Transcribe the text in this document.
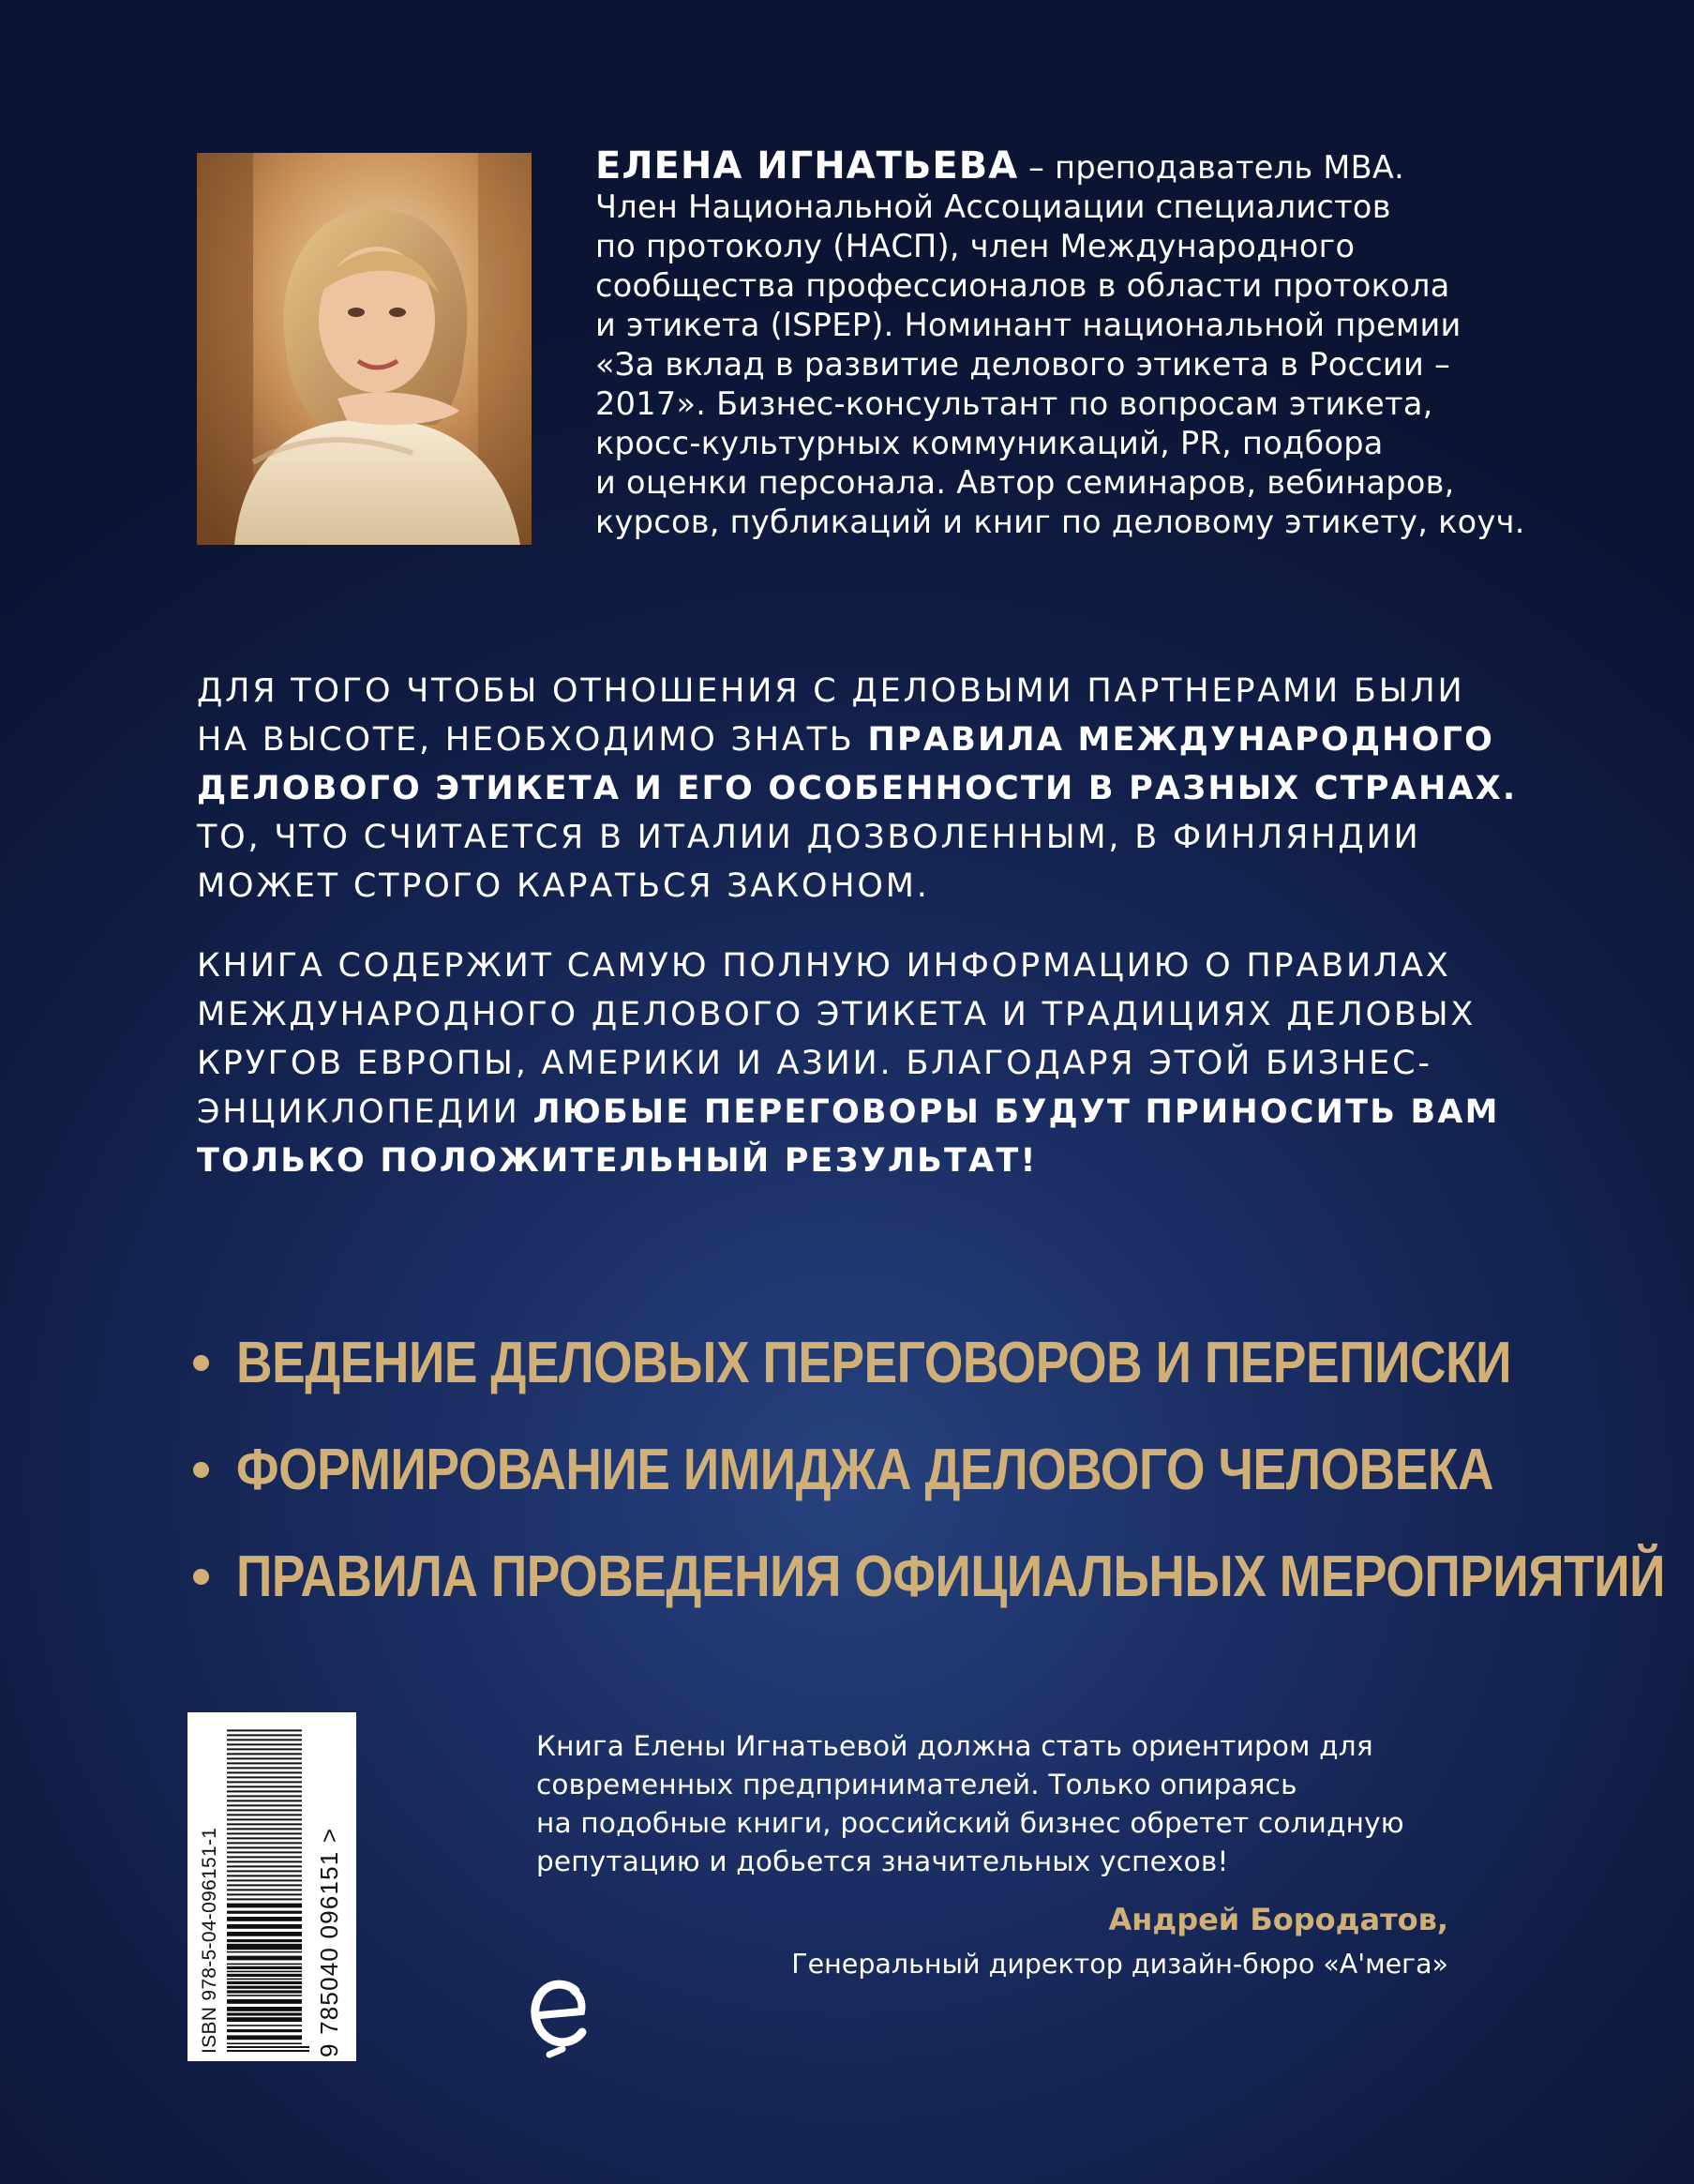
ЕЛЕНА ИГНАТЬЕВА – преподаватель МВА.
Член Национальной Ассоциации специалистов
по протоколу (НАСП), член Международного
сообщества профессионалов в области протокола
и этикета (ISPEP). Номинант национальной премии
«За вклад в развитие делового этикета в России –
2017». Бизнес-консультант по вопросам этикета,
кросс-культурных коммуникаций, PR, подбора
и оценки персонала. Автор семинаров, вебинаров,
курсов, публикаций и книг по деловому этикету, коуч.
ДЛЯ ТОГО ЧТОБЫ ОТНОШЕНИЯ С ДЕЛОВЫМИ ПАРТНЕРАМИ БЫЛИ
НА ВЫСОТЕ, НЕОБХОДИМО ЗНАТЬ ПРАВИЛА МЕЖДУНАРОДНОГО
ДЕЛОВОГО ЭТИКЕТА И ЕГО ОСОБЕННОСТИ В РАЗНЫХ СТРАНАХ.
ТО, ЧТО СЧИТАЕТСЯ В ИТАЛИИ ДОЗВОЛЕННЫМ, В ФИНЛЯНДИИ
МОЖЕТ СТРОГО КАРАТЬСЯ ЗАКОНОМ.
КНИГА СОДЕРЖИТ САМУЮ ПОЛНУЮ ИНФОРМАЦИЮ О ПРАВИЛАХ
МЕЖДУНАРОДНОГО ДЕЛОВОГО ЭТИКЕТА И ТРАДИЦИЯХ ДЕЛОВЫХ
КРУГОВ ЕВРОПЫ, АМЕРИКИ И АЗИИ. БЛАГОДАРЯ ЭТОЙ БИЗНЕС-
ЭНЦИКЛОПЕДИИ ЛЮБЫЕ ПЕРЕГОВОРЫ БУДУТ ПРИНОСИТЬ ВАМ
ТОЛЬКО ПОЛОЖИТЕЛЬНЫЙ РЕЗУЛЬТАТ!
ВЕДЕНИЕ ДЕЛОВЫХ ПЕРЕГОВОРОВ И ПЕРЕПИСКИ
ФОРМИРОВАНИЕ ИМИДЖА ДЕЛОВОГО ЧЕЛОВЕКА
ПРАВИЛА ПРОВЕДЕНИЯ ОФИЦИАЛЬНЫХ МЕРОПРИЯТИЙ
ISBN 978-5-04-096151-1	9 785040 096151 >
Книга Елены Игнатьевой должна стать ориентиром для
современных предпринимателей. Только опираясь
на подобные книги, российский бизнес обретет солидную
репутацию и добьется значительных успехов!
Андрей Бородатов,
Генеральный директор дизайн-бюро «А'мега»
